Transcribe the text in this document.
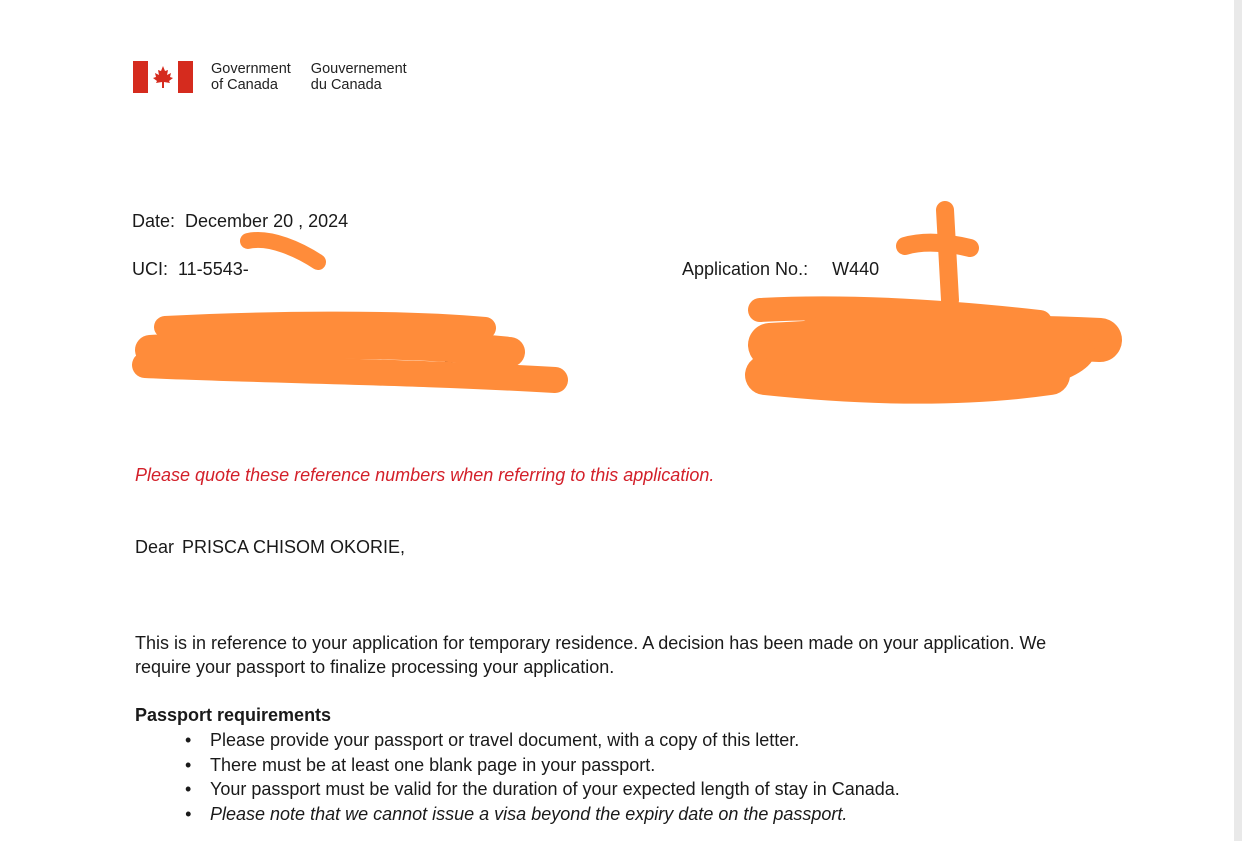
Government
of Canada
Gouvernement
du Canada
Date: December 20 , 2024
UCI: 11-5543-	Application No.: W440
Please quote these reference numbers when referring to this application.
Dear PRISCA CHISOM OKORIE,
This is in reference to your application for temporary residence. A decision has been made on your application. We require your passport to finalize processing your application.
Passport requirements
• Please provide your passport or travel document, with a copy of this letter.
• There must be at least one blank page in your passport.
• Your passport must be valid for the duration of your expected length of stay in Canada.
• Please note that we cannot issue a visa beyond the expiry date on the passport.
